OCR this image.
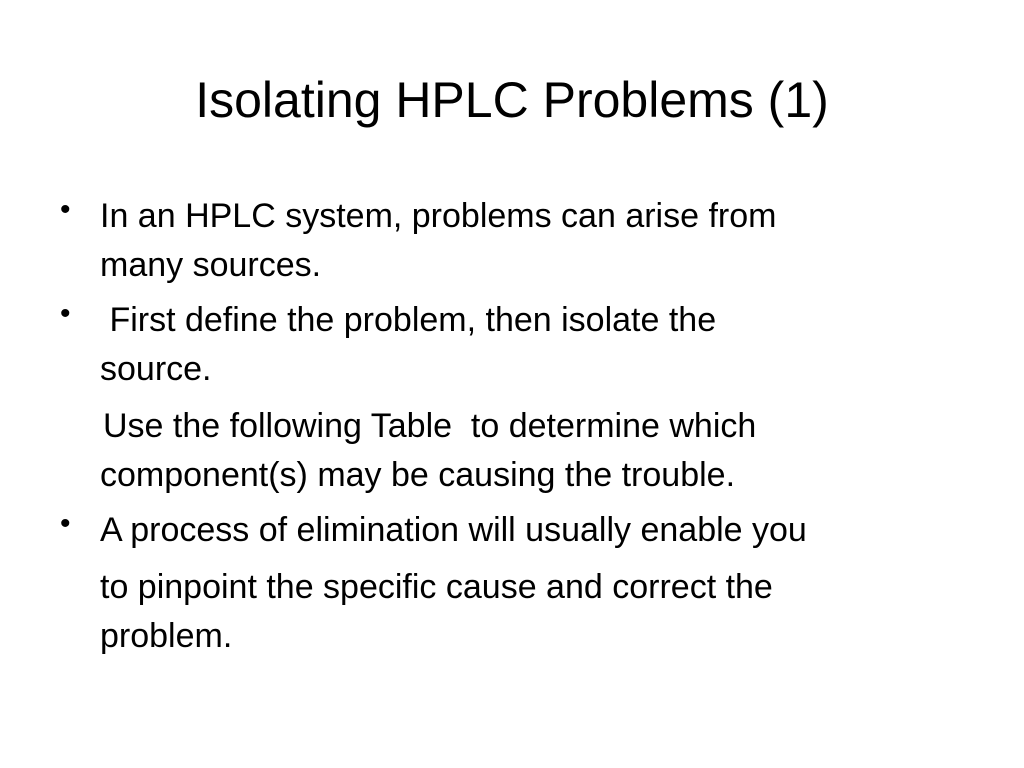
Isolating HPLC Problems (1)
• In an HPLC system, problems can arise from
many sources.
• First define the problem, then isolate the
source.
Use the following Table  to determine which
component(s) may be causing the trouble.
• A process of elimination will usually enable you
to pinpoint the specific cause and correct the
problem.
